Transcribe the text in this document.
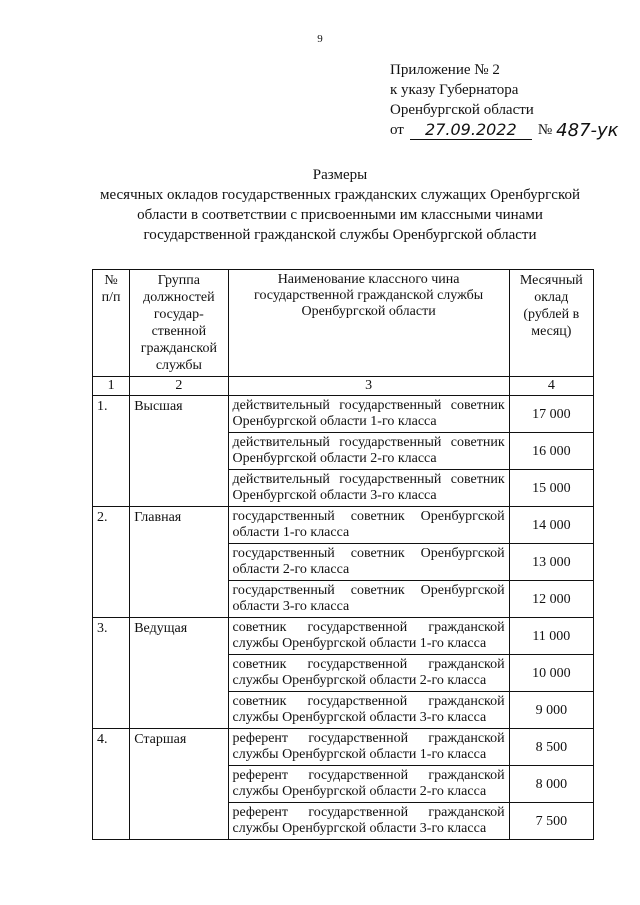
9
Приложение № 2
к указу Губернатора
Оренбургской области
от	27.09.2022	№ 487-ук
Размеры
месячных окладов государственных гражданских служащих Оренбургской
области в соответствии с присвоенными им классными чинами
государственной гражданской службы Оренбургской области
№ п/п	Группа должностей государ-ственной гражданской службы	Наименование классного чина государственной гражданской службы Оренбургской области	Месячный оклад (рублей в месяц)
1	2	3	4
1.	Высшая	действительный государственный советник Оренбургской области 1-го класса	17 000
		действительный государственный советник Оренбургской области 2-го класса	16 000
		действительный государственный советник Оренбургской области 3-го класса	15 000
2.	Главная	государственный советник Оренбургской области 1-го класса	14 000
		государственный советник Оренбургской области 2-го класса	13 000
		государственный советник Оренбургской области 3-го класса	12 000
3.	Ведущая	советник государственной гражданской службы Оренбургской области 1-го класса	11 000
		советник государственной гражданской службы Оренбургской области 2-го класса	10 000
		советник государственной гражданской службы Оренбургской области 3-го класса	9 000
4.	Старшая	референт государственной гражданской службы Оренбургской области 1-го класса	8 500
		референт государственной гражданской службы Оренбургской области 2-го класса	8 000
		референт государственной гражданской службы Оренбургской области 3-го класса	7 500
